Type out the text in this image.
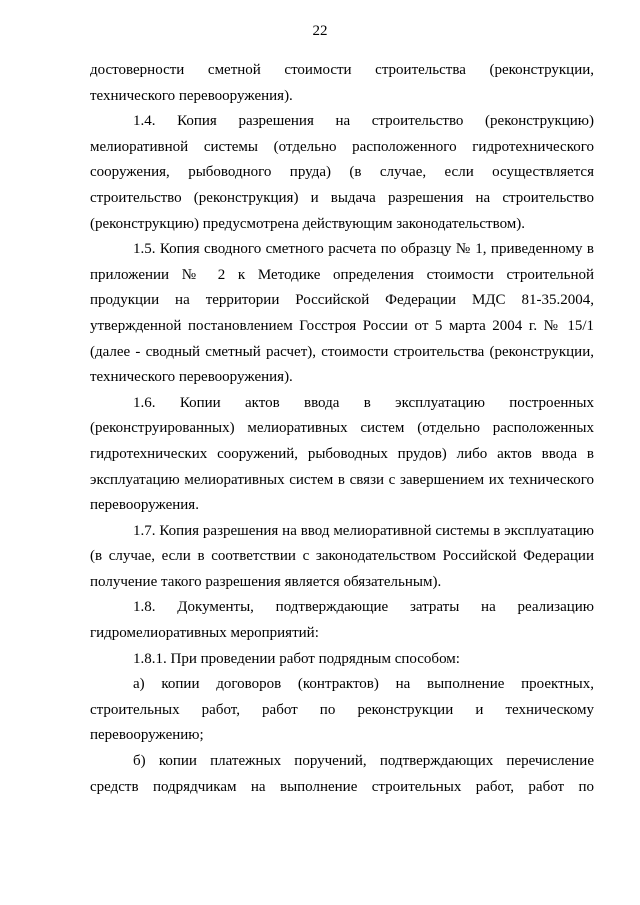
22
достоверности сметной стоимости строительства (реконструкции,
технического перевооружения).
1.4. Копия разрешения на строительство (реконструкцию)
мелиоративной системы (отдельно расположенного гидротехнического
сооружения, рыбоводного пруда) (в случае, если осуществляется
строительство (реконструкция) и выдача разрешения на строительство
(реконструкцию) предусмотрена действующим законодательством).
1.5. Копия сводного сметного расчета по образцу № 1, приведенному в
приложении № 2 к Методике определения стоимости строительной
продукции на территории Российской Федерации МДС 81-35.2004,
утвержденной постановлением Госстроя России от 5 марта 2004 г. № 15/1
(далее - сводный сметный расчет), стоимости строительства (реконструкции,
технического перевооружения).
1.6. Копии актов ввода в эксплуатацию построенных
(реконструированных) мелиоративных систем (отдельно расположенных
гидротехнических сооружений, рыбоводных прудов) либо актов ввода в
эксплуатацию мелиоративных систем в связи с завершением их технического
перевооружения.
1.7. Копия разрешения на ввод мелиоративной системы в эксплуатацию
(в случае, если в соответствии с законодательством Российской Федерации
получение такого разрешения является обязательным).
1.8. Документы, подтверждающие затраты на реализацию
гидромелиоративных мероприятий:
1.8.1. При проведении работ подрядным способом:
а) копии договоров (контрактов) на выполнение проектных,
строительных работ, работ по реконструкции и техническому
перевооружению;
б) копии платежных поручений, подтверждающих перечисление
средств подрядчикам на выполнение строительных работ, работ по
